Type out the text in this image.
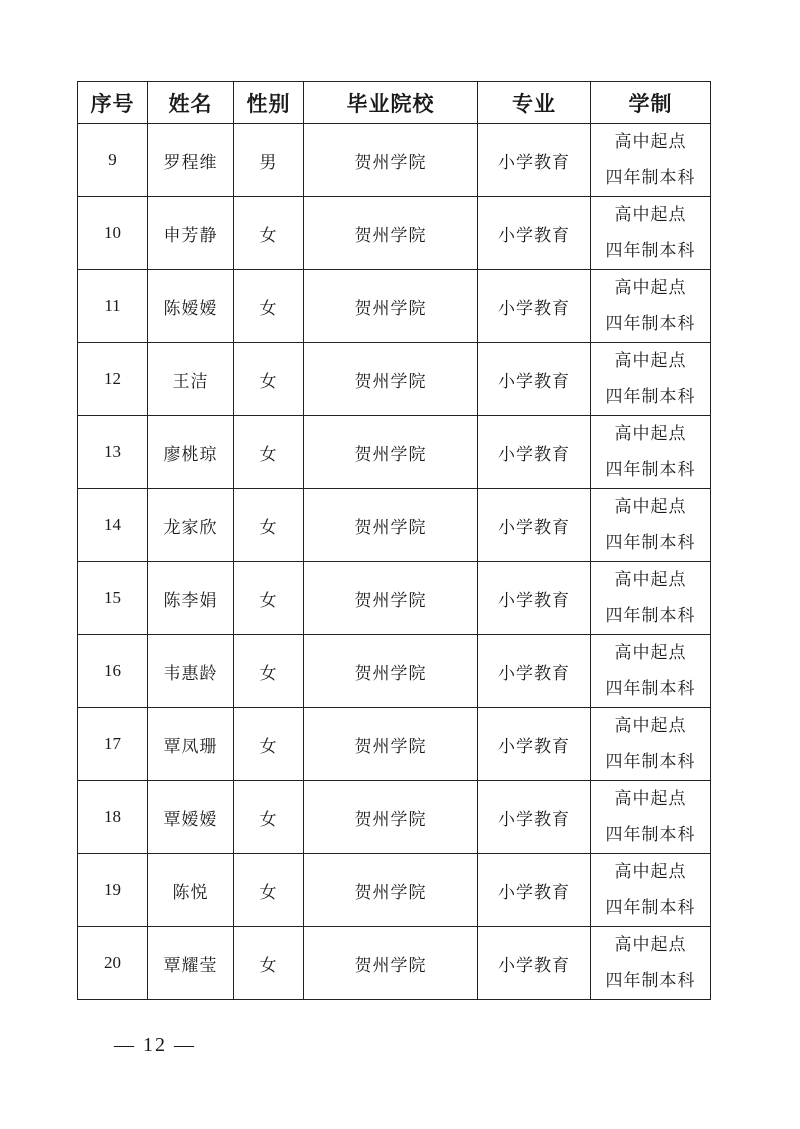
序号	姓名	性别	毕业院校	专业	学制
9	罗程维	男	贺州学院	小学教育	高中起点
四年制本科

10	申芳静	女	贺州学院	小学教育	高中起点
四年制本科

11	陈嫒嫒	女	贺州学院	小学教育	高中起点
四年制本科

12	王洁	女	贺州学院	小学教育	高中起点
四年制本科

13	廖桃琼	女	贺州学院	小学教育	高中起点
四年制本科

14	龙家欣	女	贺州学院	小学教育	高中起点
四年制本科

15	陈李娟	女	贺州学院	小学教育	高中起点
四年制本科

16	韦惠龄	女	贺州学院	小学教育	高中起点
四年制本科

17	覃凤珊	女	贺州学院	小学教育	高中起点
四年制本科

18	覃嫒嫒	女	贺州学院	小学教育	高中起点
四年制本科

19	陈悦	女	贺州学院	小学教育	高中起点
四年制本科

20	覃耀莹	女	贺州学院	小学教育	高中起点
四年制本科
— 12 —
